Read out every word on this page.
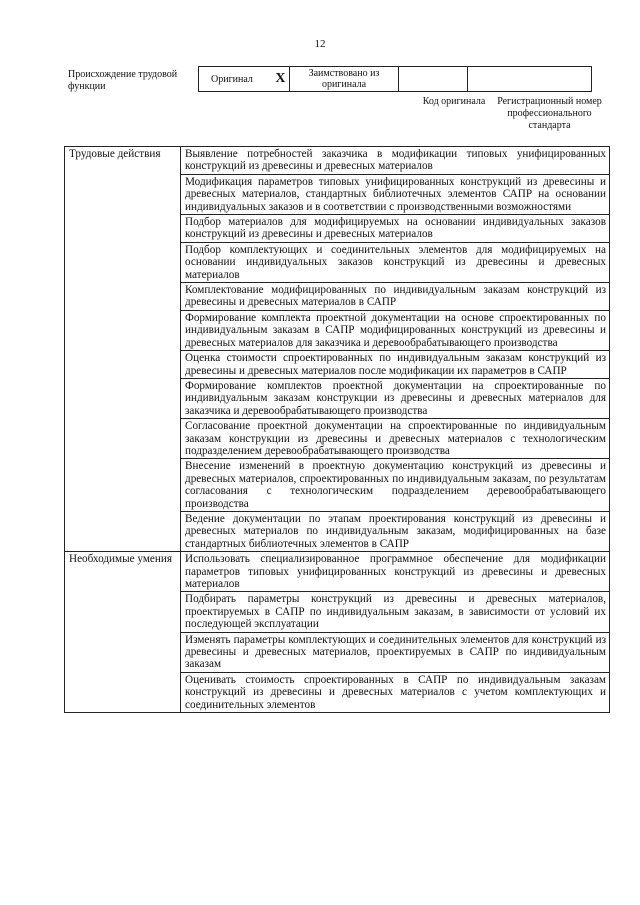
12
Происхождение трудовой функции
Оригинал X	Заимствовано из оригинала		
Код оригинала	Регистрационный номер профессионального стандарта
Трудовые действия	Выявление потребностей заказчика в модификации типовых унифицированных конструкций из древесины и древесных материалов
	Модификация параметров типовых унифицированных конструкций из древесины и древесных материалов, стандартных библиотечных элементов САПР на основании индивидуальных заказов и в соответствии с производственными возможностями
	Подбор материалов для модифицируемых на основании индивидуальных заказов конструкций из древесины и древесных материалов
	Подбор комплектующих и соединительных элементов для модифицируемых на основании индивидуальных заказов конструкций из древесины и древесных материалов
	Комплектование модифицированных по индивидуальным заказам конструкций из древесины и древесных материалов в САПР
	Формирование комплекта проектной документации на основе спроектированных по индивидуальным заказам в САПР модифицированных конструкций из древесины и древесных материалов для заказчика и деревообрабатывающего производства
	Оценка стоимости спроектированных по индивидуальным заказам конструкций из древесины и древесных материалов после модификации их параметров в САПР
	Формирование комплектов проектной документации на спроектированные по индивидуальным заказам конструкции из древесины и древесных материалов для заказчика и деревообрабатывающего производства
	Согласование проектной документации на спроектированные по индивидуальным заказам конструкции из древесины и древесных материалов с технологическим подразделением деревообрабатывающего производства
	Внесение изменений в проектную документацию конструкций из древесины и древесных материалов, спроектированных по индивидуальным заказам, по результатам согласования с технологическим подразделением деревообрабатывающего производства
	Ведение документации по этапам проектирования конструкций из древесины и древесных материалов по индивидуальным заказам, модифицированных на базе стандартных библиотечных элементов в САПР
Необходимые умения	Использовать специализированное программное обеспечение для модификации параметров типовых унифицированных конструкций из древесины и древесных материалов
	Подбирать параметры конструкций из древесины и древесных материалов, проектируемых в САПР по индивидуальным заказам, в зависимости от условий их последующей эксплуатации
	Изменять параметры комплектующих и соединительных элементов для конструкций из древесины и древесных материалов, проектируемых в САПР по индивидуальным заказам
	Оценивать стоимость спроектированных в САПР по индивидуальным заказам конструкций из древесины и древесных материалов с учетом комплектующих и соединительных элементов
